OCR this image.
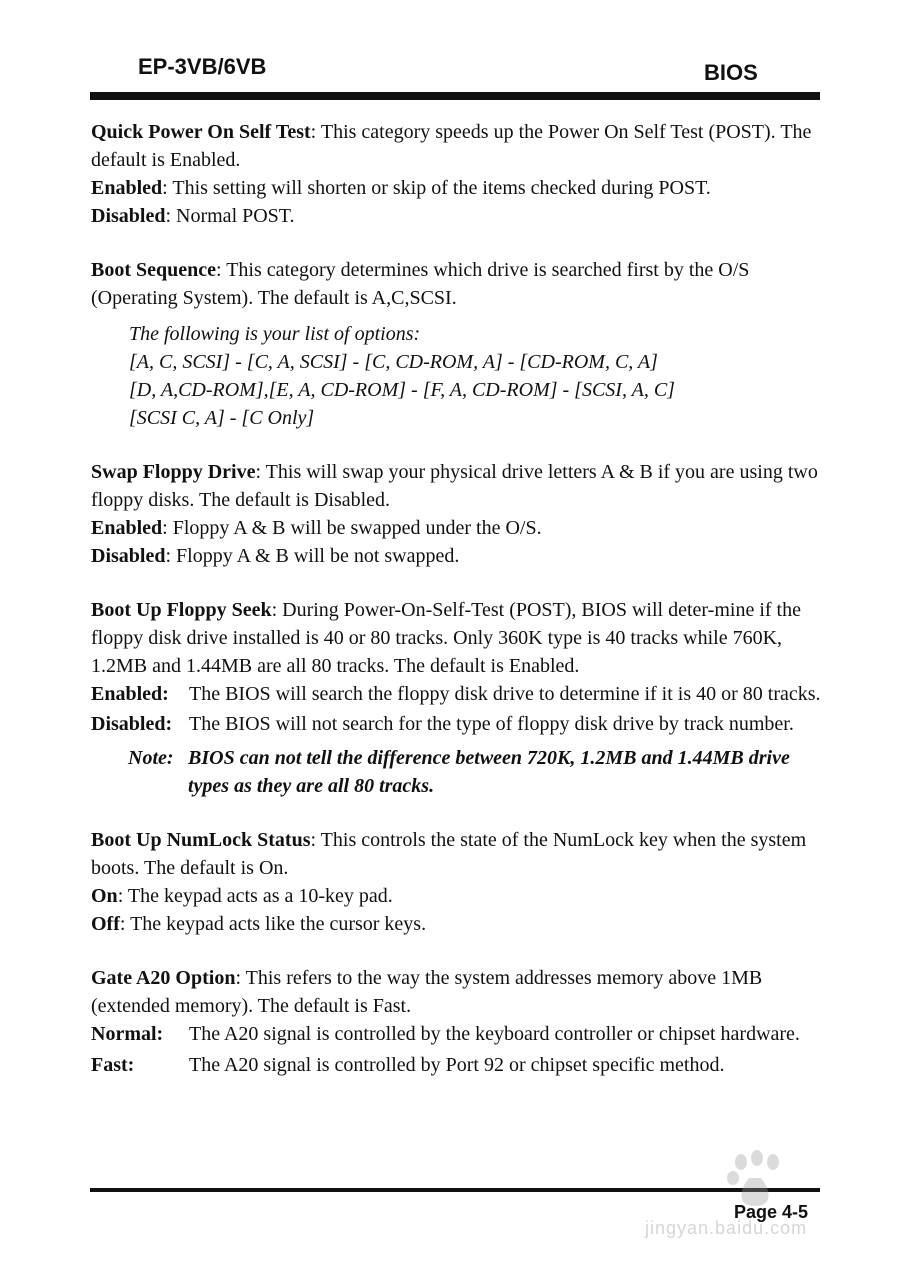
EP-3VB/6VB	BIOS

Quick Power On Self Test: This category speeds up the Power On Self Test (POST). The default is Enabled.

Enabled: This setting will shorten or skip of the items checked during POST.

Disabled: Normal POST.

Boot Sequence: This category determines which drive is searched first by the O/S (Operating System). The default is A,C,SCSI.

The following is your list of options:
[A, C, SCSI] - [C, A, SCSI] - [C, CD-ROM, A] - [CD-ROM, C, A]
[D, A,CD-ROM],[E, A, CD-ROM] - [F, A, CD-ROM] - [SCSI, A, C]
[SCSI C, A] - [C Only]

Swap Floppy Drive: This will swap your physical drive letters A & B if you are using two floppy disks. The default is Disabled.

Enabled: Floppy A & B will be swapped under the O/S.

Disabled: Floppy A & B will be not swapped.

Boot Up Floppy Seek: During Power-On-Self-Test (POST), BIOS will deter-mine if the floppy disk drive installed is 40 or 80 tracks. Only 360K type is 40 tracks while 760K, 1.2MB and 1.44MB are all 80 tracks. The default is Enabled.

Enabled:	The BIOS will search the floppy disk drive to determine if it is 40 or 80 tracks.
Disabled: The BIOS will not search for the type of floppy disk drive by track number.
Note: BIOS can not tell the difference between 720K, 1.2MB and 1.44MB drive types as they are all 80 tracks.

Boot Up NumLock Status: This controls the state of the NumLock key when the system boots. The default is On.

On: The keypad acts as a 10-key pad.

Off: The keypad acts like the cursor keys.

Gate A20 Option: This refers to the way the system addresses memory above 1MB (extended memory). The default is Fast.

Normal:	The A20 signal is controlled by the keyboard controller or chipset hardware.
Fast:	The A20 signal is controlled by Port 92 or chipset specific method.
Page 4-5
jingyan.baidu.com
